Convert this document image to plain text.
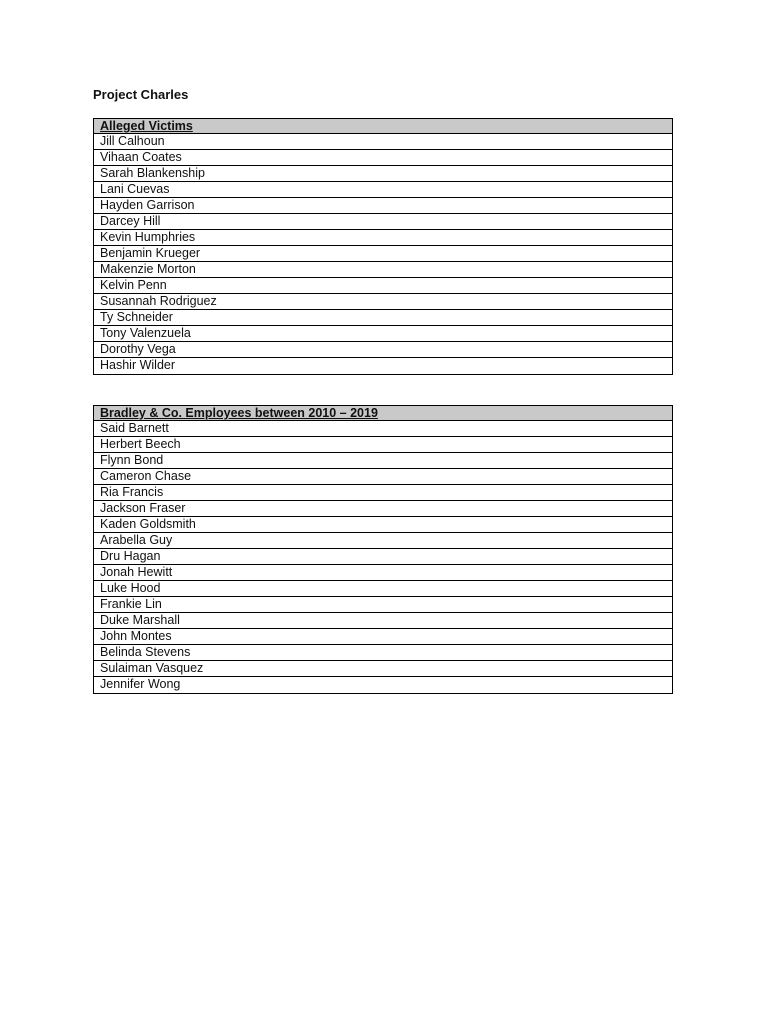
Project Charles
Alleged Victims
Jill Calhoun
Vihaan Coates
Sarah Blankenship
Lani Cuevas
Hayden Garrison
Darcey Hill
Kevin Humphries
Benjamin Krueger
Makenzie Morton
Kelvin Penn
Susannah Rodriguez
Ty Schneider
Tony Valenzuela
Dorothy Vega
Hashir Wilder
Bradley & Co. Employees between 2010 – 2019
Said Barnett
Herbert Beech
Flynn Bond
Cameron Chase
Ria Francis
Jackson Fraser
Kaden Goldsmith
Arabella Guy
Dru Hagan
Jonah Hewitt
Luke Hood
Frankie Lin
Duke Marshall
John Montes
Belinda Stevens
Sulaiman Vasquez
Jennifer Wong
